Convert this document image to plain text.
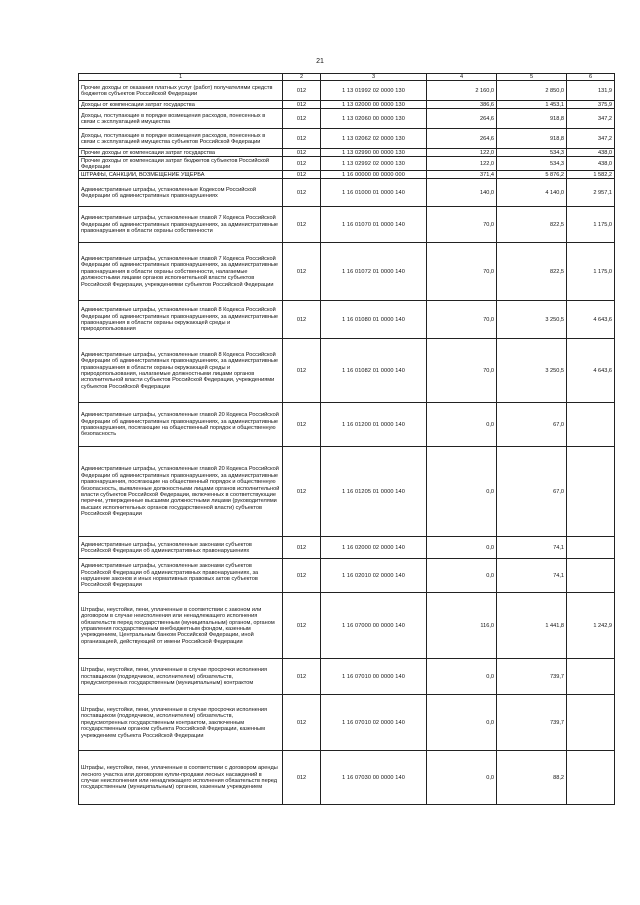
21
1	2	3	4	5	6
Прочие доходы от оказания платных услуг (работ) получателями средств бюджетов субъектов Российской Федерации	012	1 13 01992 02 0000 130	2 160,0	2 850,0	131,9
Доходы от компенсации затрат государства	012	1 13 02000 00 0000 130	386,6	1 453,1	375,9
Доходы, поступающие в порядке возмещения расходов, понесенных в связи с эксплуатацией имущества	012	1 13 02060 00 0000 130	264,6	918,8	347,2
Доходы, поступающие в порядке возмещения расходов, понесенных в связи с эксплуатацией имущества субъектов Российской Федерации	012	1 13 02062 02 0000 130	264,6	918,8	347,2
Прочие доходы от компенсации затрат государства	012	1 13 02990 00 0000 130	122,0	534,3	438,0
Прочие доходы от компенсации затрат бюджетов субъектов Российской Федерации	012	1 13 02992 02 0000 130	122,0	534,3	438,0
ШТРАФЫ, САНКЦИИ, ВОЗМЕЩЕНИЕ УЩЕРБА	012	1 16 00000 00 0000 000	371,4	5 876,2	1 582,2
Административные штрафы, установленные Кодексом Российской Федерации об административных правонарушениях	012	1 16 01000 01 0000 140	140,0	4 140,0	2 957,1
Административные штрафы, установленные главой 7 Кодекса Российской Федерации об административных правонарушениях, за административные правонарушения в области охраны собственности	012	1 16 01070 01 0000 140	70,0	822,5	1 175,0
Административные штрафы, установленные главой 7 Кодекса Российской Федерации об административных правонарушениях, за административные правонарушения в области охраны собственности, налагаемые должностными лицами органов исполнительной власти субъектов Российской Федерации, учреждениями субъектов Российской Федерации	012	1 16 01072 01 0000 140	70,0	822,5	1 175,0
Административные штрафы, установленные главой 8 Кодекса Российской Федерации об административных правонарушениях, за административные правонарушения в области охраны окружающей среды и природопользования	012	1 16 01080 01 0000 140	70,0	3 250,5	4 643,6
Административные штрафы, установленные главой 8 Кодекса Российской Федерации об административных правонарушениях, за административные правонарушения в области охраны окружающей среды и природопользования, налагаемые должностными лицами органов исполнительной власти субъектов Российской Федерации, учреждениями субъектов Российской Федерации	012	1 16 01082 01 0000 140	70,0	3 250,5	4 643,6
Административные штрафы, установленные главой 20 Кодекса Российской Федерации об административных правонарушениях, за административные правонарушения, посягающие на общественный порядок и общественную безопасность	012	1 16 01200 01 0000 140	0,0	67,0	
Административные штрафы, установленные главой 20 Кодекса Российской Федерации об административных правонарушениях, за административные правонарушения, посягающие на общественный порядок и общественную безопасность, выявленные должностными лицами органов исполнительной власти субъектов Российской Федерации, включенных в соответствующие перечни, утвержденные высшими должностными лицами (руководителями высших исполнительных органов государственной власти) субъектов Российской Федерации	012	1 16 01205 01 0000 140	0,0	67,0	
Административные штрафы, установленные законами субъектов Российской Федерации об административных правонарушениях	012	1 16 02000 02 0000 140	0,0	74,1	
Административные штрафы, установленные законами субъектов Российской Федерации об административных правонарушениях, за нарушение законов и иных нормативных правовых актов субъектов Российской Федерации	012	1 16 02010 02 0000 140	0,0	74,1	
Штрафы, неустойки, пени, уплаченные в соответствии с законом или договором в случае неисполнения или ненадлежащего исполнения обязательств перед государственным (муниципальным) органом, органом управления государственным внебюджетным фондом, казенным учреждением, Центральным банком Российской Федерации, иной организацией, действующей от имени Российской Федерации	012	1 16 07000 00 0000 140	116,0	1 441,8	1 242,9
Штрафы, неустойки, пени, уплаченные в случае просрочки исполнения поставщиком (подрядчиком, исполнителем) обязательств, предусмотренных государственным (муниципальным) контрактом	012	1 16 07010 00 0000 140	0,0	739,7	
Штрафы, неустойки, пени, уплаченные в случае просрочки исполнения поставщиком (подрядчиком, исполнителем) обязательств, предусмотренных государственным контрактом, заключенным государственным органом субъекта Российской Федерации, казенным учреждением субъекта Российской Федерации	012	1 16 07010 02 0000 140	0,0	739,7	
Штрафы, неустойки, пени, уплаченные в соответствии с договором аренды лесного участка или договором купли-продажи лесных насаждений в случае неисполнения или ненадлежащего исполнения обязательств перед государственным (муниципальным) органом, казенным учреждением	012	1 16 07030 00 0000 140	0,0	88,2	
